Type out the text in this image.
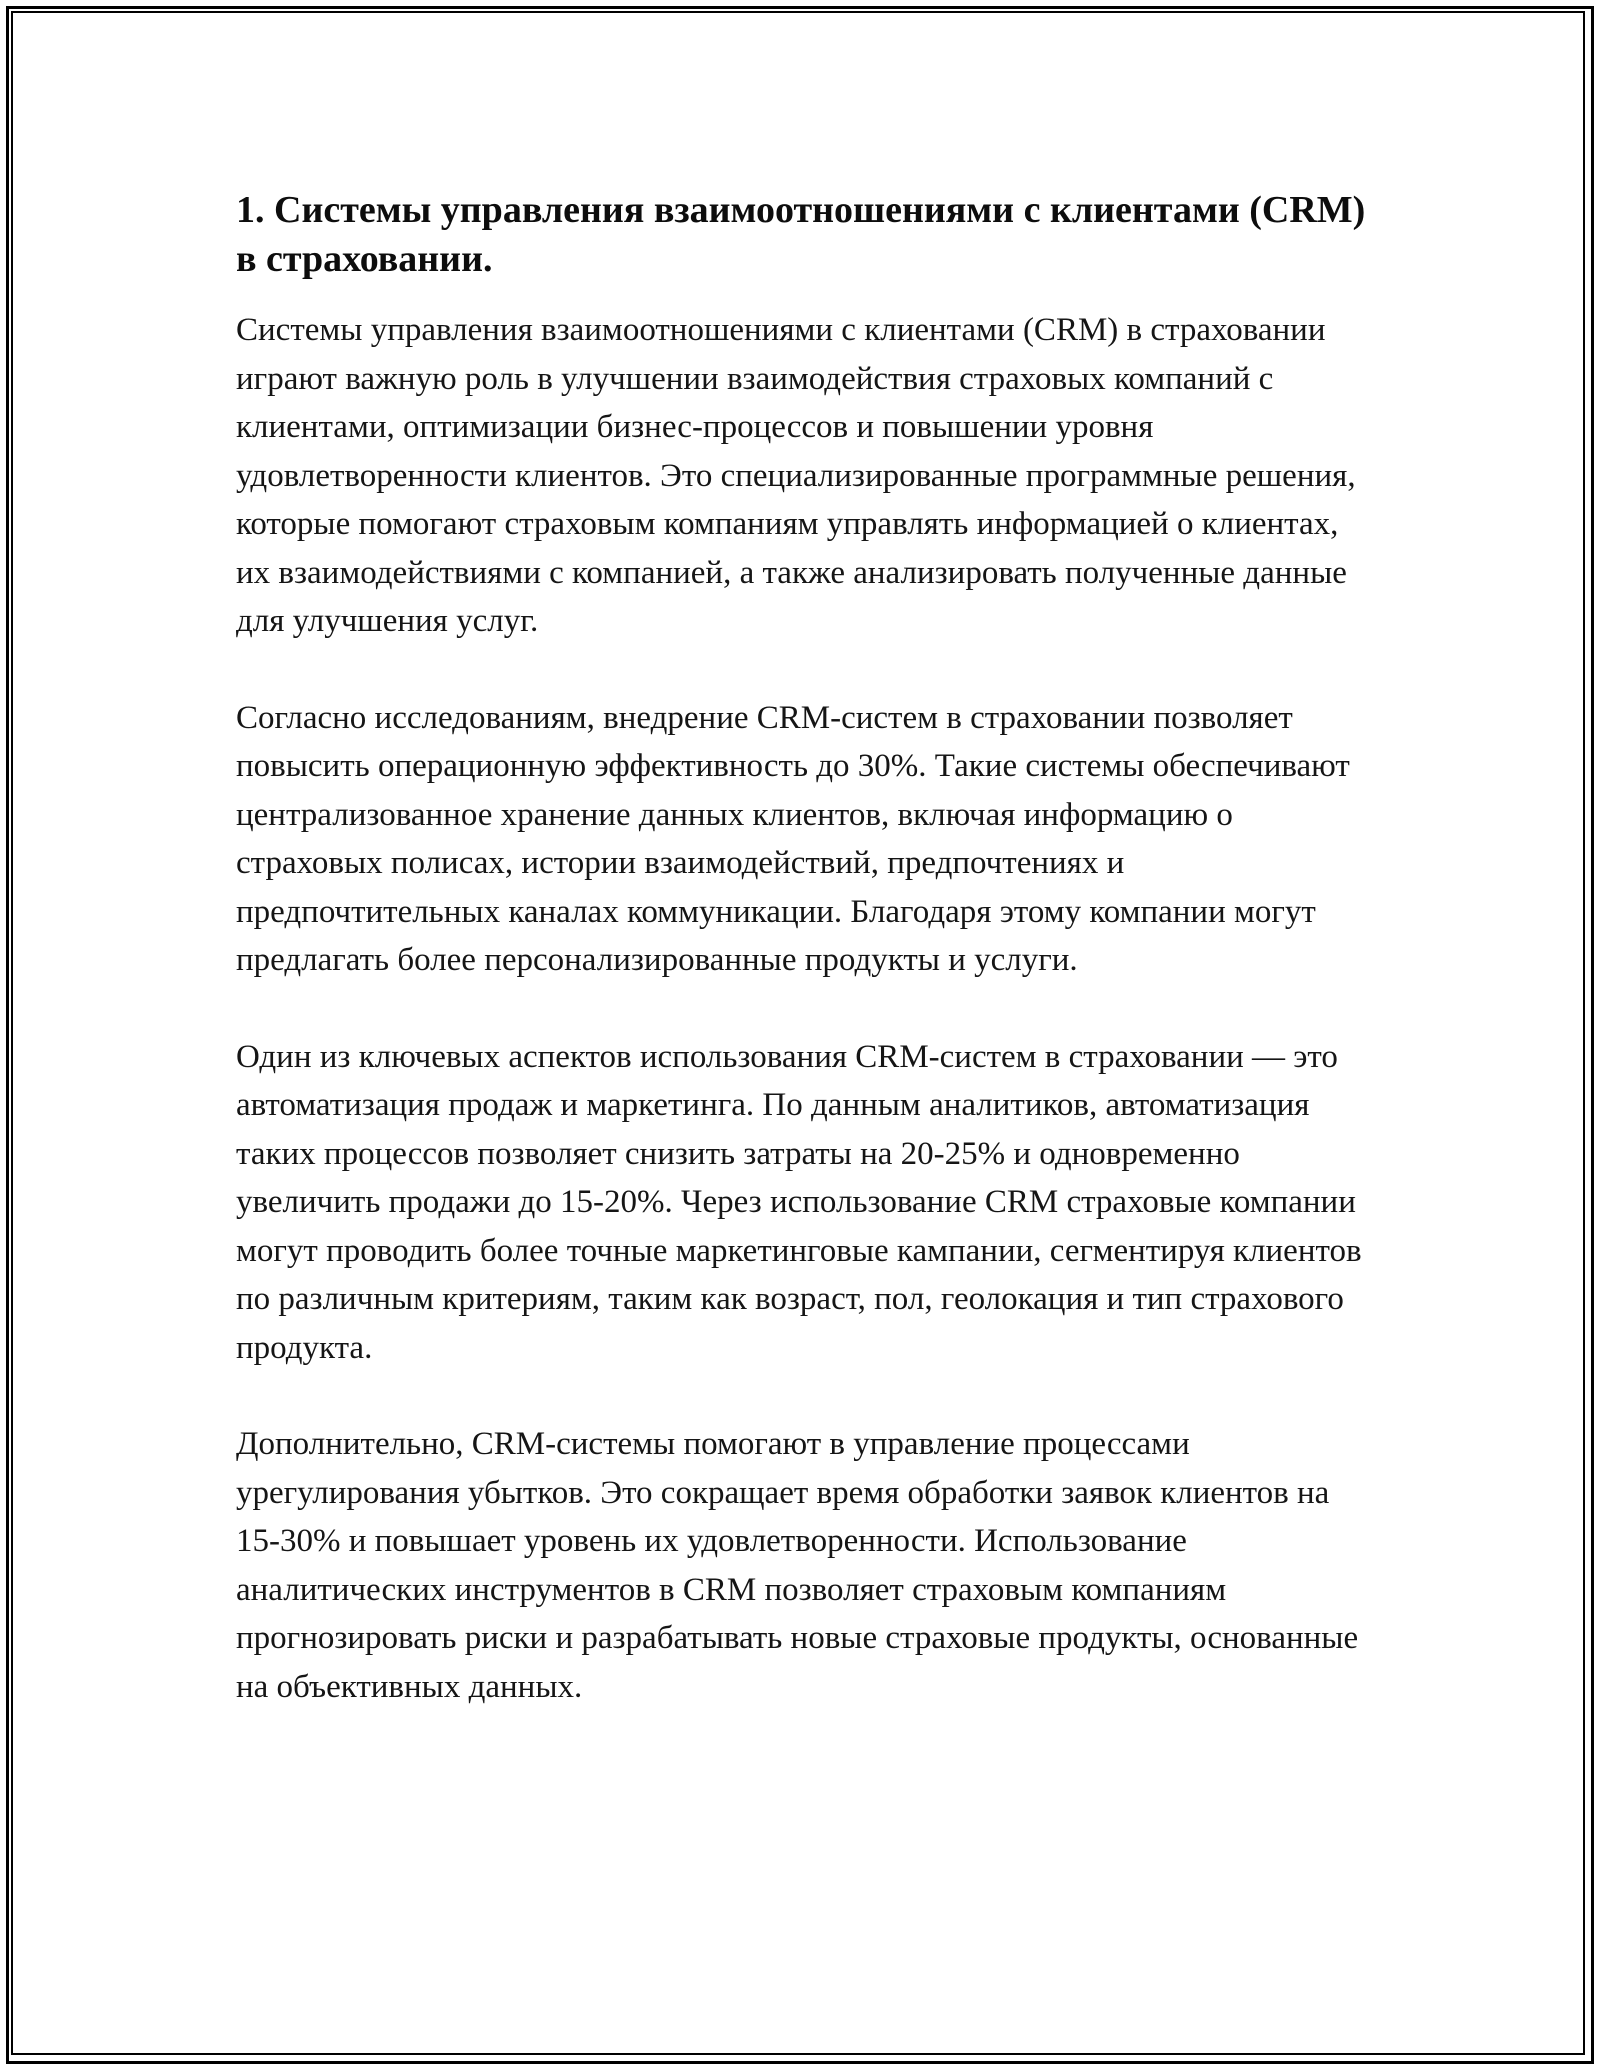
1. Системы управления взаимоотношениями с клиентами (CRM) в страховании.

Системы управления взаимоотношениями с клиентами (CRM) в страховании играют важную роль в улучшении взаимодействия страховых компаний с клиентами, оптимизации бизнес-процессов и повышении уровня удовлетворенности клиентов. Это специализированные программные решения, которые помогают страховым компаниям управлять информацией о клиентах, их взаимодействиями с компанией, а также анализировать полученные данные для улучшения услуг.

Согласно исследованиям, внедрение CRM-систем в страховании позволяет повысить операционную эффективность до 30%. Такие системы обеспечивают централизованное хранение данных клиентов, включая информацию о страховых полисах, истории взаимодействий, предпочтениях и предпочтительных каналах коммуникации. Благодаря этому компании могут предлагать более персонализированные продукты и услуги.

Один из ключевых аспектов использования CRM-систем в страховании — это автоматизация продаж и маркетинга. По данным аналитиков, автоматизация таких процессов позволяет снизить затраты на 20-25% и одновременно увеличить продажи до 15-20%. Через использование CRM страховые компании могут проводить более точные маркетинговые кампании, сегментируя клиентов по различным критериям, таким как возраст, пол, геолокация и тип страхового продукта.

Дополнительно, CRM-системы помогают в управление процессами урегулирования убытков. Это сокращает время обработки заявок клиентов на 15-30% и повышает уровень их удовлетворенности. Использование аналитических инструментов в CRM позволяет страховым компаниям прогнозировать риски и разрабатывать новые страховые продукты, основанные на объективных данных.
